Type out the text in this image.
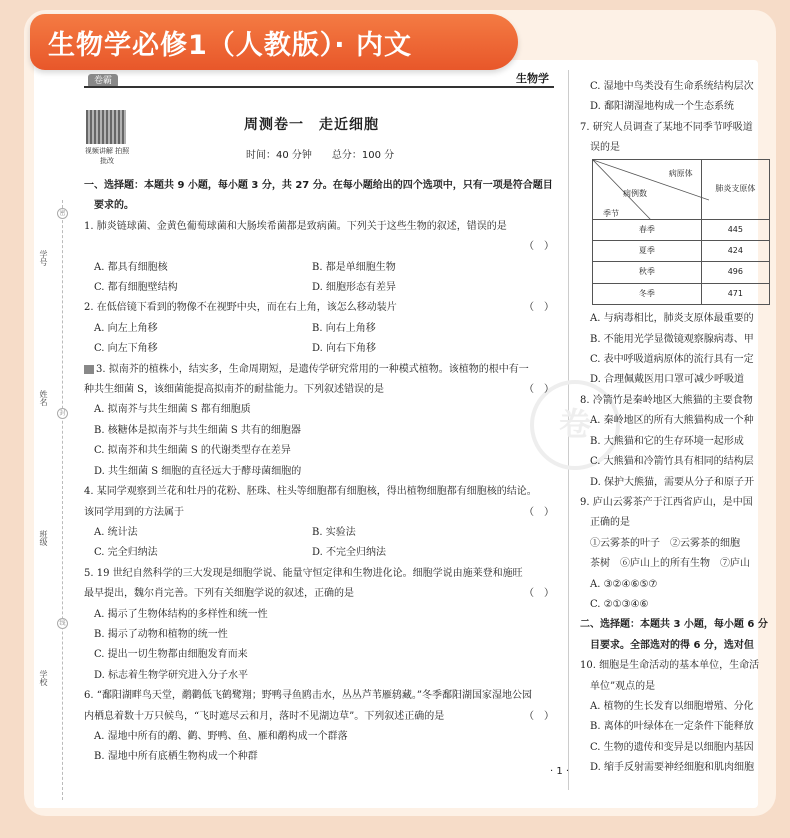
生物学必修1（人教版）· 内文
卷霸	生物学
视频讲解 拍照批改
密
封
线
学号
姓名
班级
学校
周测卷一　走近细胞
时间：40 分钟　　 总分：100 分
卷
一、选择题：本题共 9 小题，每小题 3 分，共 27 分。在每小题给出的四个选项中，只有一项是符合题目
要求的。
1. 肺炎链球菌、金黄色葡萄球菌和大肠埃希菌都是致病菌。下列关于这些生物的叙述，错误的是

（　）
A. 都具有细胞核	B. 都是单细胞生物
C. 都有细胞壁结构	D. 细胞形态有差异
2. 在低倍镜下看到的物像不在视野中央，而在右上角，该怎么移动装片	（　）
A. 向左上角移	B. 向右上角移
C. 向左下角移	D. 向右下角移
3. 拟南芥的植株小，结实多，生命周期短，是遗传学研究常用的一种模式植物。该植物的根中有一
种共生细菌 S，该细菌能提高拟南芥的耐盐能力。下列叙述错误的是	（　）
A. 拟南芥与共生细菌 S 都有细胞质
B. 核糖体是拟南芥与共生细菌 S 共有的细胞器
C. 拟南芥和共生细菌 S 的代谢类型存在差异
D. 共生细菌 S 细胞的直径远大于酵母菌细胞的
4. 某同学观察到兰花和牡丹的花粉、胚珠、柱头等细胞都有细胞核，得出植物细胞都有细胞核的结论。
该同学用到的方法属于	（　）
A. 统计法	B. 实验法
C. 完全归纳法	D. 不完全归纳法
5. 19 世纪自然科学的三大发现是细胞学说、能量守恒定律和生物进化论。细胞学说由施莱登和施旺
最早提出，魏尔肖完善。下列有关细胞学说的叙述，正确的是	（　）
A. 揭示了生物体结构的多样性和统一性
B. 揭示了动物和植物的统一性
C. 提出一切生物都由细胞发育而来
D. 标志着生物学研究进入分子水平
6. “鄱阳湖畔鸟天堂，鹬鹳低飞鹤鹭翔；野鸭寻鱼鸥击水，丛丛芦苇雁鸫藏。”冬季鄱阳湖国家湿地公园
内栖息着数十万只候鸟，“飞时遮尽云和月，落时不见湖边草”。下列叙述正确的是	（　）
A. 湿地中所有的鹬、鹳、野鸭、鱼、雁和鹬构成一个群落
B. 湿地中所有底栖生物构成一个种群
C. 湿地中鸟类没有生命系统结构层次
D. 鄱阳湖湿地构成一个生态系统
7. 研究人员调查了某地不同季节呼吸道
误的是
病原体
病例数
季节	肺炎支原体
春季	445
夏季	424
秋季	496
冬季	471
A. 与病毒相比，肺炎支原体最重要的
B. 不能用光学显微镜观察腺病毒、甲
C. 表中呼吸道病原体的流行具有一定
D. 合理佩戴医用口罩可减少呼吸道
8. 冷箭竹是秦岭地区大熊猫的主要食物
A. 秦岭地区的所有大熊猫构成一个种
B. 大熊猫和它的生存环境一起形成
C. 大熊猫和冷箭竹具有相同的结构层
D. 保护大熊猫，需要从分子和原子开
9. 庐山云雾茶产于江西省庐山，是中国
正确的是
①云雾茶的叶子　②云雾茶的细胞
茶树　⑥庐山上的所有生物　⑦庐山
A. ③②④⑥⑤⑦
C. ②①③④⑥
二、选择题：本题共 3 小题，每小题 6 分
目要求。全部选对的得 6 分，选对但
10. 细胞是生命活动的基本单位，生命活
单位”观点的是
A. 植物的生长发育以细胞增殖、分化
B. 离体的叶绿体在一定条件下能释放
C. 生物的遗传和变异是以细胞内基因
D. 缩手反射需要神经细胞和肌肉细胞
· 1 ·
